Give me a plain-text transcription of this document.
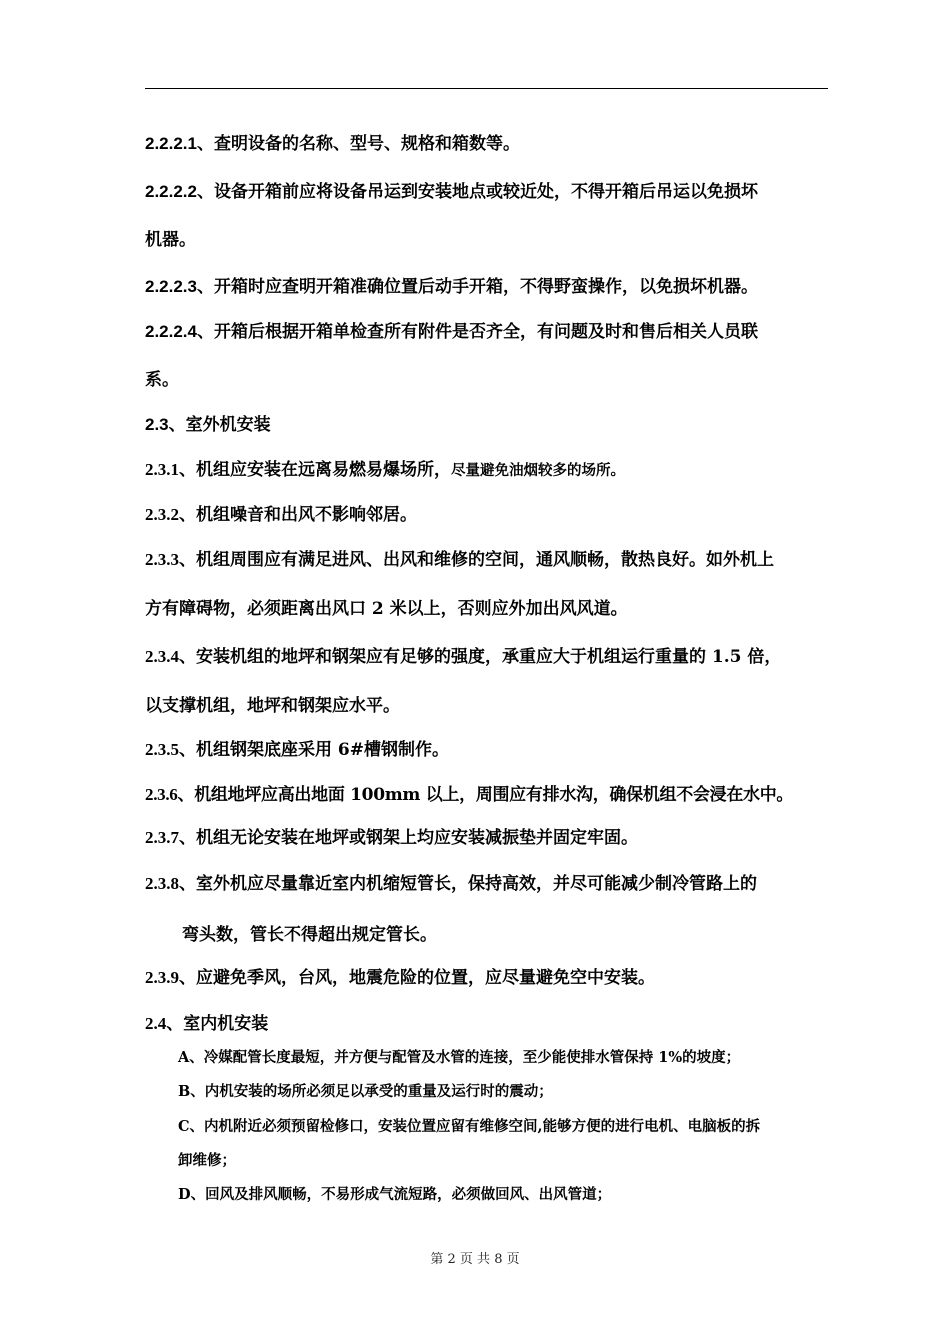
2.2.2.1、查明设备的名称、型号、规格和箱数等。
2.2.2.2、设备开箱前应将设备吊运到安装地点或较近处，不得开箱后吊运以免损坏
机器。
2.2.2.3、开箱时应查明开箱准确位置后动手开箱，不得野蛮操作，以免损坏机器。
2.2.2.4、开箱后根据开箱单检查所有附件是否齐全，有问题及时和售后相关人员联
系。
2.3、室外机安装
2.3.1、机组应安装在远离易燃易爆场所，尽量避免油烟较多的场所。
2.3.2、机组噪音和出风不影响邻居。
2.3.3、机组周围应有满足进风、出风和维修的空间，通风顺畅，散热良好。如外机上
方有障碍物，必须距离出风口 2 米以上，否则应外加出风风道。
2.3.4、安装机组的地坪和钢架应有足够的强度，承重应大于机组运行重量的 1.5 倍，
以支撑机组，地坪和钢架应水平。
2.3.5、机组钢架底座采用 6#槽钢制作。
2.3.6、机组地坪应高出地面 100mm 以上，周围应有排水沟，确保机组不会浸在水中。
2.3.7、机组无论安装在地坪或钢架上均应安装减振垫并固定牢固。
2.3.8、室外机应尽量靠近室内机缩短管长，保持高效，并尽可能减少制冷管路上的
弯头数，管长不得超出规定管长。
2.3.9、应避免季风，台风，地震危险的位置，应尽量避免空中安装。
2.4、室内机安装
A、冷媒配管长度最短，并方便与配管及水管的连接，至少能使排水管保持 1%的坡度；
B、内机安装的场所必须足以承受的重量及运行时的震动；
C、内机附近必须预留检修口，安装位置应留有维修空间,能够方便的进行电机、电脑板的拆
卸维修；
D、回风及排风顺畅，不易形成气流短路，必须做回风、出风管道；
第 2 页 共 8 页
